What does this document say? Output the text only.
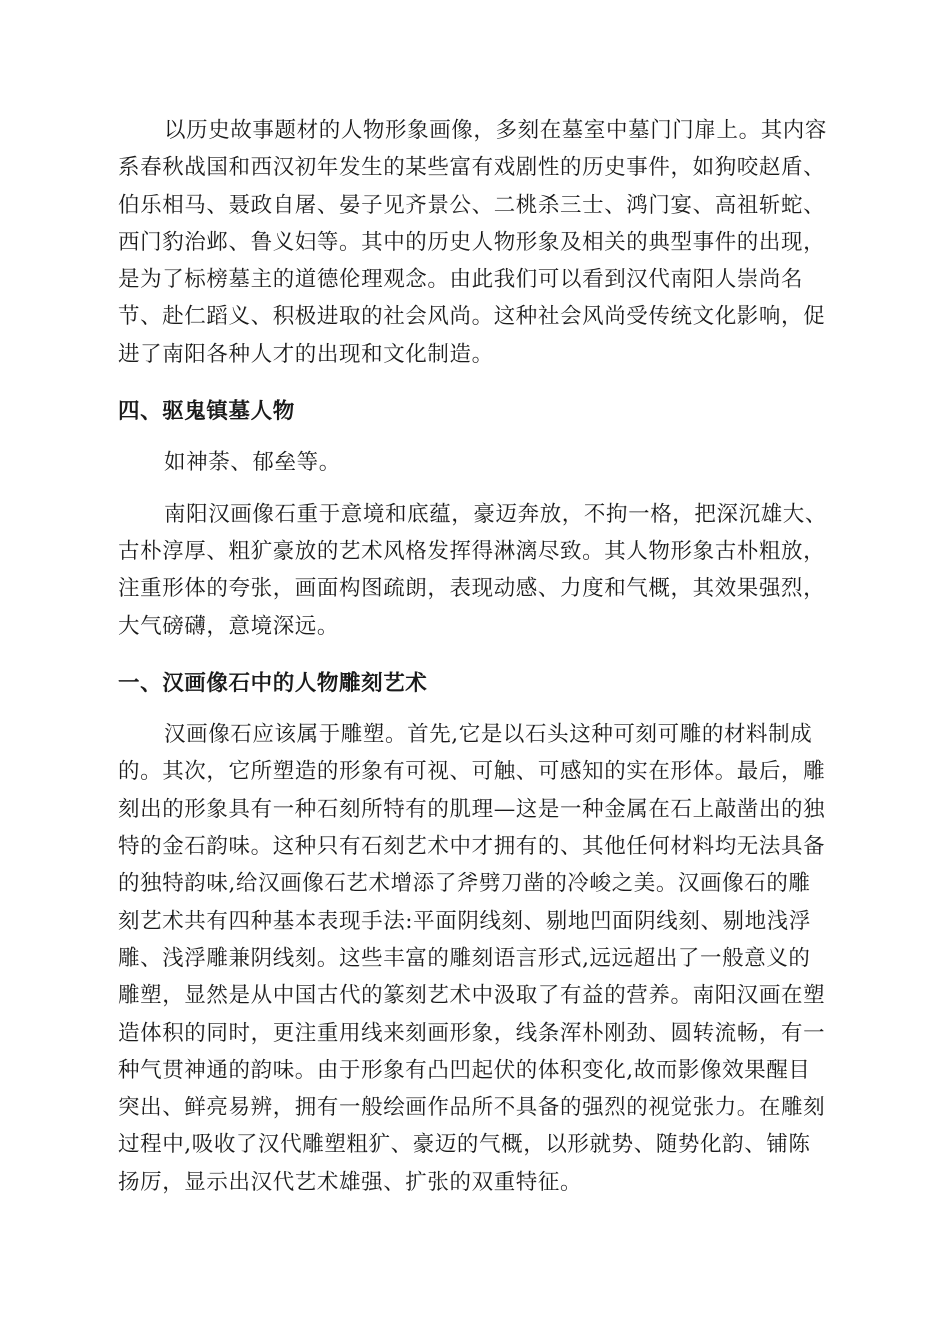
以历史故事题材的人物形象画像，多刻在墓室中墓门门扉上。其内容
系春秋战国和西汉初年发生的某些富有戏剧性的历史事件，如狗咬赵盾、
伯乐相马、聂政自屠、晏子见齐景公、二桃杀三士、鸿门宴、高祖斩蛇、
西门豹治邺、鲁义妇等。其中的历史人物形象及相关的典型事件的出现，
是为了标榜墓主的道德伦理观念。由此我们可以看到汉代南阳人崇尚名
节、赴仁蹈义、积极进取的社会风尚。这种社会风尚受传统文化影响，促
进了南阳各种人才的出现和文化制造。
四、驱鬼镇墓人物
如神荼、郁垒等。
南阳汉画像石重于意境和底蕴，豪迈奔放，不拘一格，把深沉雄大、
古朴淳厚、粗犷豪放的艺术风格发挥得淋漓尽致。其人物形象古朴粗放，
注重形体的夸张，画面构图疏朗，表现动感、力度和气概，其效果强烈，
大气磅礴，意境深远。
一、汉画像石中的人物雕刻艺术
汉画像石应该属于雕塑。首先,它是以石头这种可刻可雕的材料制成
的。其次，它所塑造的形象有可视、可触、可感知的实在形体。最后，雕
刻出的形象具有一种石刻所特有的肌理—这是一种金属在石上敲凿出的独
特的金石韵味。这种只有石刻艺术中才拥有的、其他任何材料均无法具备
的独特韵味,给汉画像石艺术增添了斧劈刀凿的冷峻之美。汉画像石的雕
刻艺术共有四种基本表现手法:平面阴线刻、剔地凹面阴线刻、剔地浅浮
雕、浅浮雕兼阴线刻。这些丰富的雕刻语言形式,远远超出了一般意义的
雕塑，显然是从中国古代的篆刻艺术中汲取了有益的营养。南阳汉画在塑
造体积的同时，更注重用线来刻画形象，线条浑朴刚劲、圆转流畅，有一
种气贯神通的韵味。由于形象有凸凹起伏的体积变化,故而影像效果醒目
突出、鲜亮易辨，拥有一般绘画作品所不具备的强烈的视觉张力。在雕刻
过程中,吸收了汉代雕塑粗犷、豪迈的气概，以形就势、随势化韵、铺陈
扬厉，显示出汉代艺术雄强、扩张的双重特征。
